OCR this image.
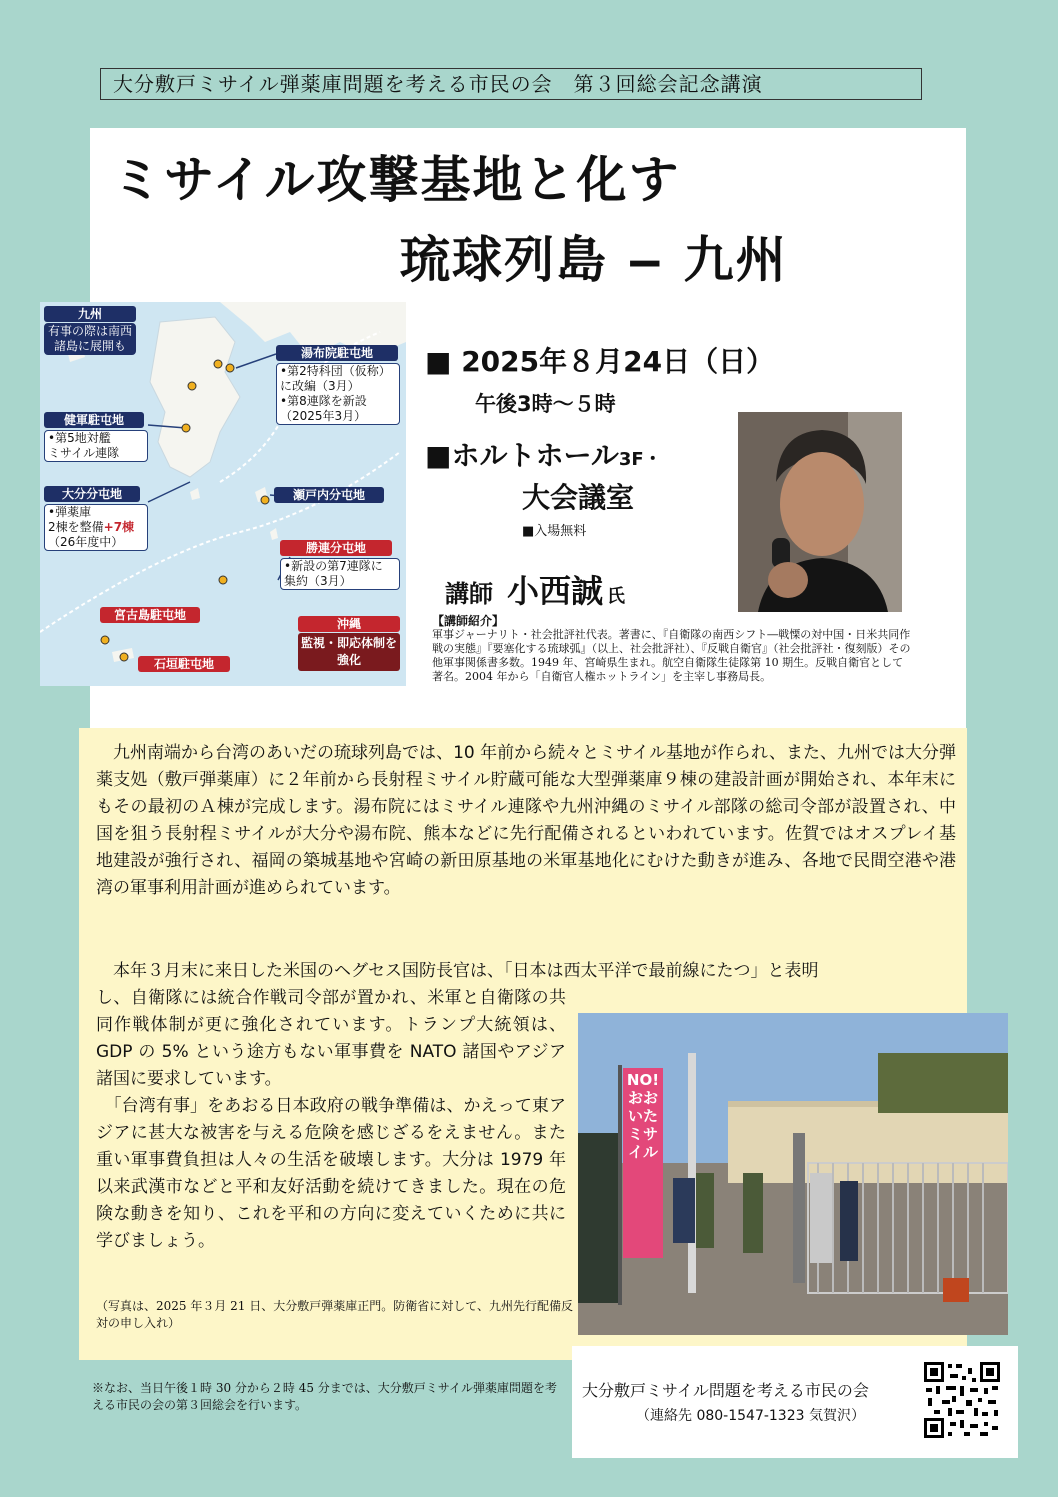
大分敷戸ミサイル弾薬庫問題を考える市民の会　第３回総会記念講演
ミサイル攻撃基地と化す
琉球列島 ‒ 九州
九州
有事の際は南西諸島に展開も
健軍駐屯地
•第5地対艦
ミサイル連隊
大分分屯地
•弾薬庫
2棟を整備+7棟
（26年度中）
湯布院駐屯地
•第2特科団（仮称）
に改編（3月）
•第8連隊を新設
（2025年3月）
瀬戸内分屯地
勝連分屯地
•新設の第7連隊に
集約（3月）
宮古島駐屯地
石垣駐屯地
沖縄
監視・即応体制を強化
■ 2025年８月24日（日）
午後3時～５時
■ホルトホール3F・
大会議室
■入場無料
講師 小西誠 氏
【講師紹介】
軍事ジャーナリト・社会批評社代表。著書に、『自衛隊の南西シフト―戦慄の対中国・日米共同作戦の実態』『要塞化する琉球弧』（以上、社会批評社）、『反戦自衛官』（社会批評社・復刻版）その他軍事関係書多数。1949 年、宮崎県生まれ。航空自衛隊生徒隊第 10 期生。反戦自衛官として著名。2004 年から「自衛官人権ホットライン」を主宰し事務局長。
　九州南端から台湾のあいだの琉球列島では、10 年前から続々とミサイル基地が作られ、また、九州では大分弾薬支処（敷戸弾薬庫）に２年前から長射程ミサイル貯蔵可能な大型弾薬庫９棟の建設計画が開始され、本年末にもその最初のＡ棟が完成します。湯布院にはミサイル連隊や九州沖縄のミサイル部隊の総司令部が設置され、中国を狙う長射程ミサイルが大分や湯布院、熊本などに先行配備されるといわれています。佐賀ではオスプレイ基地建設が強行され、福岡の築城基地や宮崎の新田原基地の米軍基地化にむけた動きが進み、各地で民間空港や港湾の軍事利用計画が進められています。
　本年３月末に来日した米国のヘグセス国防長官は、「日本は西太平洋で最前線にたつ」と表明
し、自衛隊には統合作戦司令部が置かれ、米軍と自衛隊の共同作戦体制が更に強化されています。トランプ大統領は、GDP の 5% という途方もない軍事費を NATO 諸国やアジア諸国に要求しています。
　「台湾有事」をあおる日本政府の戦争準備は、かえって東アジアに甚大な被害を与える危険を感じざるをえません。また重い軍事費負担は人々の生活を破壊します。大分は 1979 年以来武漢市などと平和友好活動を続けてきました。現在の危険な動きを知り、これを平和の方向に変えていくために共に学びましょう。
（写真は、2025 年３月 21 日、大分敷戸弾薬庫正門。防衛省に対して、九州先行配備反対の申し入れ）
NO! おおいたミサイル
※なお、当日午後１時 30 分から２時 45 分までは、大分敷戸ミサイル弾薬庫問題を考える市民の会の第３回総会を行います。
大分敷戸ミサイル問題を考える市民の会
（連絡先 080-1547-1323 気賀沢）
